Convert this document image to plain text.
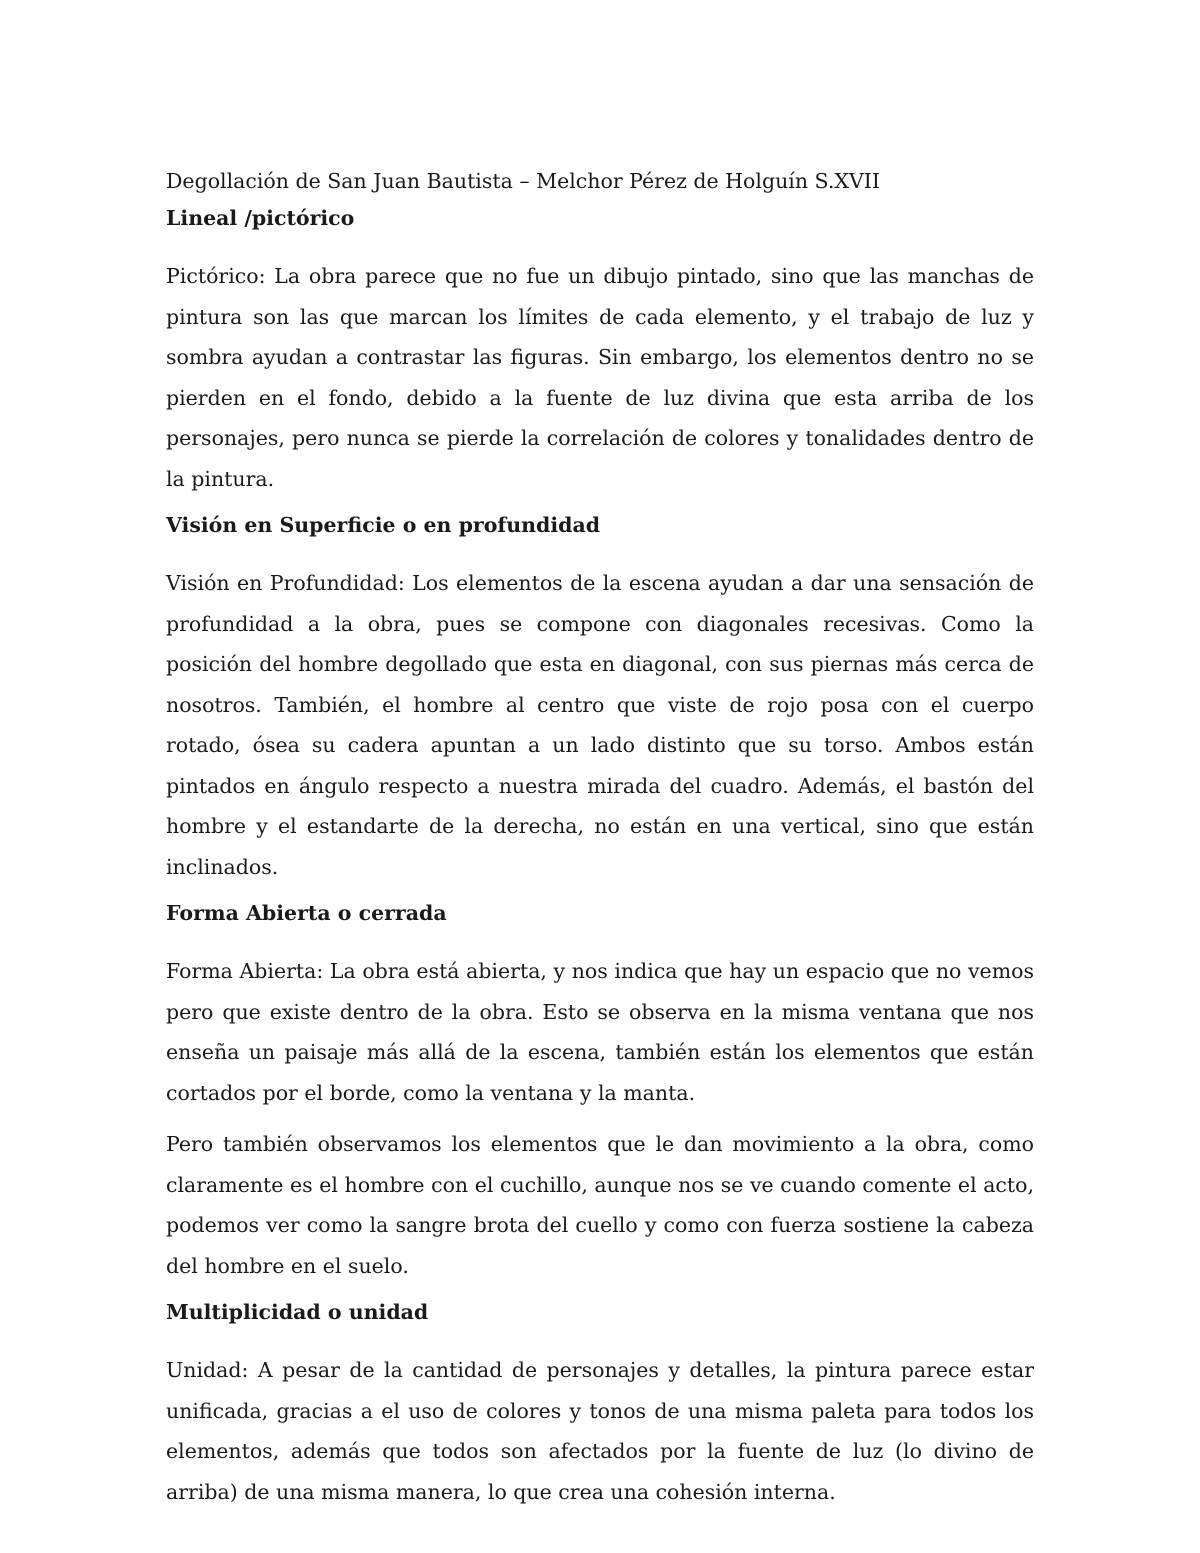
Degollación de San Juan Bautista – Melchor Pérez de Holguín S.XVII

Lineal /pictórico

Pictórico: La obra parece que no fue un dibujo pintado, sino que las manchas de pintura son las que marcan los límites de cada elemento, y el trabajo de luz y sombra ayudan a contrastar las figuras. Sin embargo, los elementos dentro no se pierden en el fondo, debido a la fuente de luz divina que esta arriba de los personajes, pero nunca se pierde la correlación de colores y tonalidades dentro de la pintura.

Visión en Superficie o en profundidad

Visión en Profundidad: Los elementos de la escena ayudan a dar una sensación de profundidad a la obra, pues se compone con diagonales recesivas. Como la posición del hombre degollado que esta en diagonal, con sus piernas más cerca de nosotros. También, el hombre al centro que viste de rojo posa con el cuerpo rotado, ósea su cadera apuntan a un lado distinto que su torso. Ambos están pintados en ángulo respecto a nuestra mirada del cuadro. Además, el bastón del hombre y el estandarte de la derecha, no están en una vertical, sino que están inclinados.

Forma Abierta o cerrada

Forma Abierta: La obra está abierta, y nos indica que hay un espacio que no vemos pero que existe dentro de la obra. Esto se observa en la misma ventana que nos enseña un paisaje más allá de la escena, también están los elementos que están cortados por el borde, como la ventana y la manta.

Pero también observamos los elementos que le dan movimiento a la obra, como claramente es el hombre con el cuchillo, aunque nos se ve cuando comente el acto, podemos ver como la sangre brota del cuello y como con fuerza sostiene la cabeza del hombre en el suelo.

Multiplicidad o unidad

Unidad: A pesar de la cantidad de personajes y detalles, la pintura parece estar unificada, gracias a el uso de colores y tonos de una misma paleta para todos los elementos, además que todos son afectados por la fuente de luz (lo divino de arriba) de una misma manera, lo que crea una cohesión interna.
